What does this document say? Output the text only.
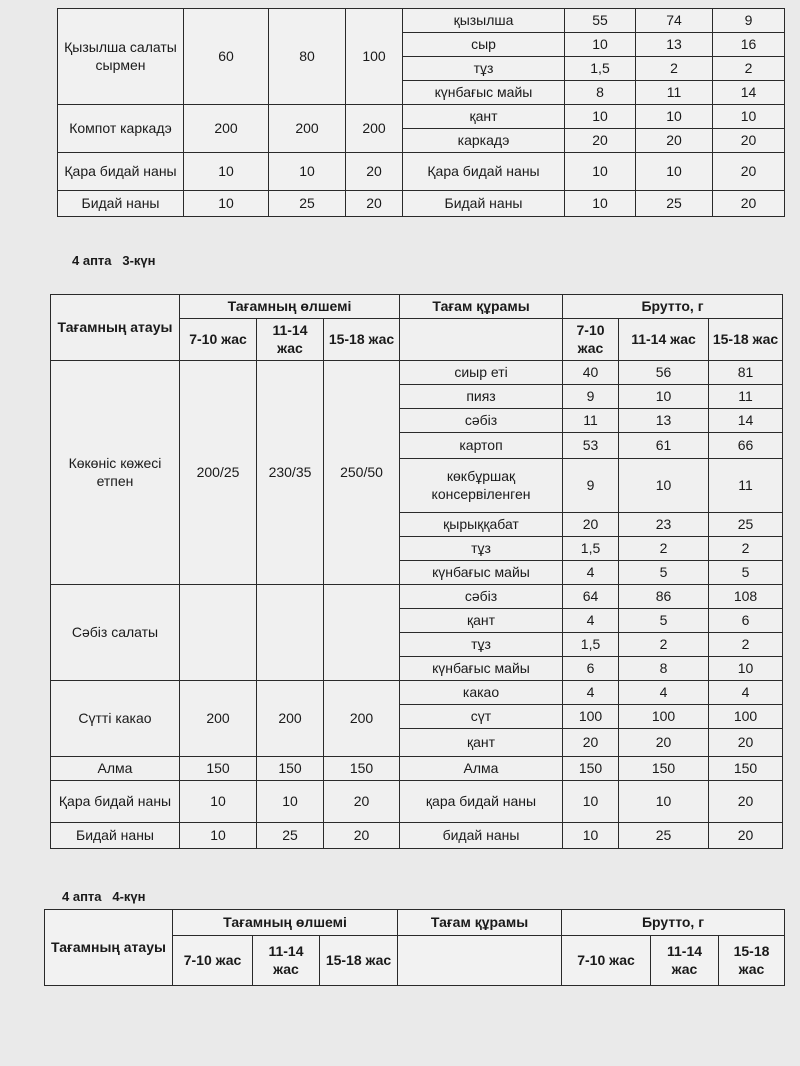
Қызылша салаты сырмен	60	80	100	қызылша	55	74	9
				сыр	10	13	16
				тұз	1,5	2	2
				күнбағыс майы	8	11	14
Компот каркадэ	200	200	200	қант	10	10	10
				каркадэ	20	20	20
Қара бидай наны	10	10	20	Қара бидай наны	10	10	20
Бидай наны	10	25	20	Бидай наны	10	25	20
4 апта   3-күн
Тағамның атауы	Тағамның өлшемі			Тағам құрамы	Брутто, г		
	7-10 жас	11-14 жас	15-18 жас		7-10 жас	11-14 жас	15-18 жас
Көкөніс көжесі етпен	200/25	230/35	250/50	сиыр еті	40	56	81
				пияз	9	10	11
				сәбіз	11	13	14
				картоп	53	61	66
				көкбұршақ консервіленген	9	10	11
				қырыққабат	20	23	25
				тұз	1,5	2	2
				күнбағыс майы	4	5	5
Сәбіз салаты				сәбіз	64	86	108
				қант	4	5	6
				тұз	1,5	2	2
				күнбағыс майы	6	8	10
Сүтті какао	200	200	200	какао	4	4	4
				сүт	100	100	100
				қант	20	20	20
Алма	150	150	150	Алма	150	150	150
Қара бидай наны	10	10	20	қара бидай наны	10	10	20
Бидай наны	10	25	20	бидай наны	10	25	20
4 апта   4-күн
Тағамның атауы	Тағамның өлшемі			Тағам құрамы	Брутто, г		
	7-10 жас	11-14 жас	15-18 жас		7-10 жас	11-14 жас	15-18 жас
